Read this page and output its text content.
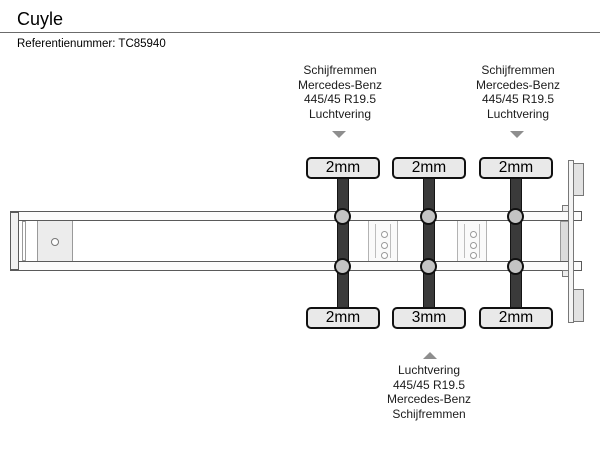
Cuyle
Referentienummer: TC85940
Schijfremmen
Mercedes-Benz
445/45 R19.5
Luchtvering
Schijfremmen
Mercedes-Benz
445/45 R19.5
Luchtvering
2mm	2mm	2mm
2mm	3mm	2mm
Luchtvering
445/45 R19.5
Mercedes-Benz
Schijfremmen
